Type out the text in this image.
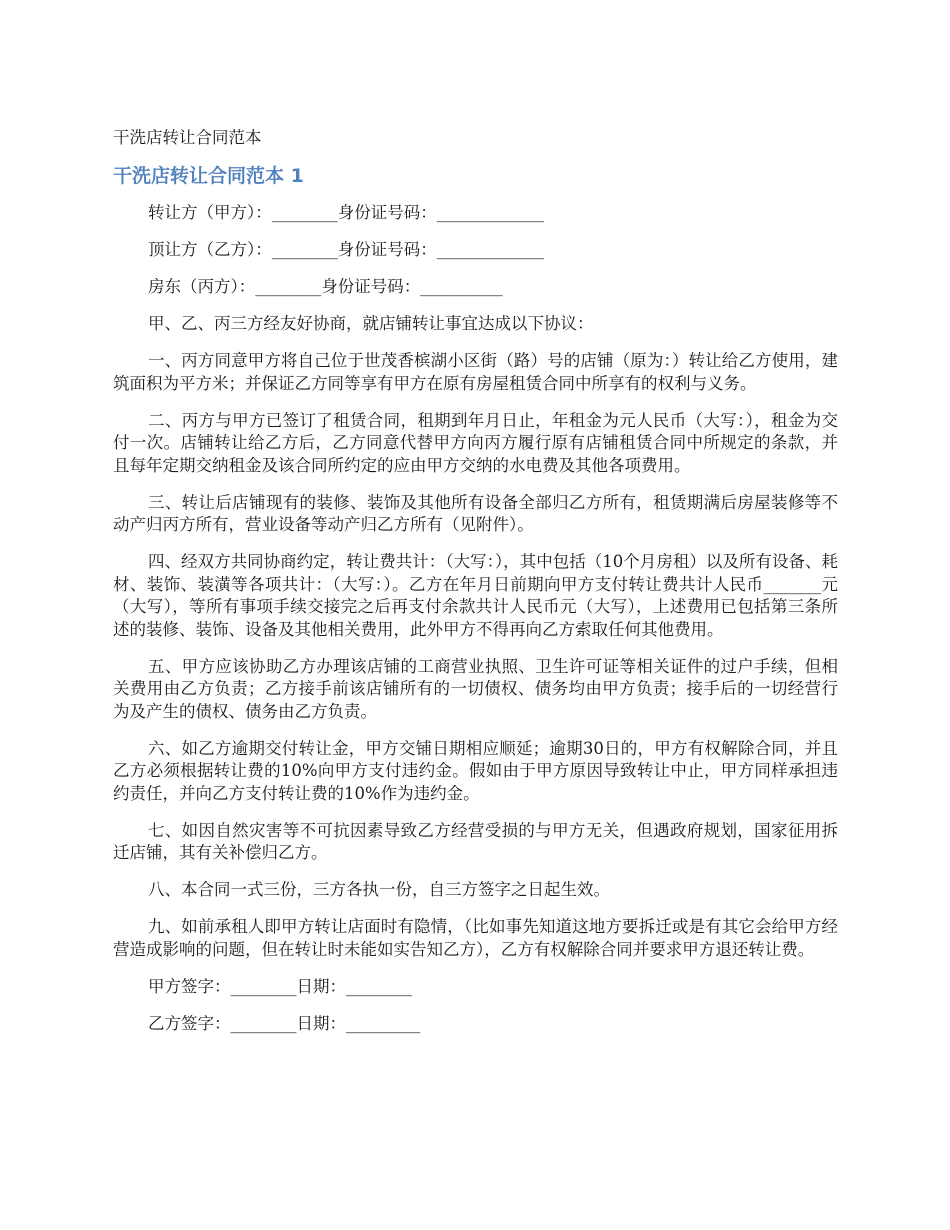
干洗店转让合同范本

干洗店转让合同范本 1

转让方（甲方）：________身份证号码：_____________

顶让方（乙方）：________身份证号码：_____________

房东（丙方）：________身份证号码：__________

甲、乙、丙三方经友好协商，就店铺转让事宜达成以下协议：

一、丙方同意甲方将自己位于世茂香槟湖小区街（路）号的店铺（原为：）转让给乙方使用，建筑面积为平方米；并保证乙方同等享有甲方在原有房屋租赁合同中所享有的权利与义务。

二、丙方与甲方已签订了租赁合同，租期到年月日止，年租金为元人民币（大写：），租金为交付一次。店铺转让给乙方后，乙方同意代替甲方向丙方履行原有店铺租赁合同中所规定的条款，并且每年定期交纳租金及该合同所约定的应由甲方交纳的水电费及其他各项费用。

三、转让后店铺现有的装修、装饰及其他所有设备全部归乙方所有，租赁期满后房屋装修等不动产归丙方所有，营业设备等动产归乙方所有（见附件）。

四、经双方共同协商约定，转让费共计：（大写：），其中包括（10个月房租）以及所有设备、耗材、装饰、装潢等各项共计：（大写：）。乙方在年月日前期向甲方支付转让费共计人民币_______元（大写），等所有事项手续交接完之后再支付余款共计人民币元（大写），上述费用已包括第三条所述的装修、装饰、设备及其他相关费用，此外甲方不得再向乙方索取任何其他费用。

五、甲方应该协助乙方办理该店铺的工商营业执照、卫生许可证等相关证件的过户手续，但相关费用由乙方负责；乙方接手前该店铺所有的一切债权、债务均由甲方负责；接手后的一切经营行为及产生的债权、债务由乙方负责。

六、如乙方逾期交付转让金，甲方交铺日期相应顺延；逾期30日的，甲方有权解除合同，并且乙方必须根据转让费的10%向甲方支付违约金。假如由于甲方原因导致转让中止，甲方同样承担违约责任，并向乙方支付转让费的10%作为违约金。

七、如因自然灾害等不可抗因素导致乙方经营受损的与甲方无关，但遇政府规划，国家征用拆迁店铺，其有关补偿归乙方。

八、本合同一式三份，三方各执一份，自三方签字之日起生效。

九、如前承租人即甲方转让店面时有隐情，（比如事先知道这地方要拆迁或是有其它会给甲方经营造成影响的问题，但在转让时未能如实告知乙方），乙方有权解除合同并要求甲方退还转让费。

甲方签字：________日期：________

乙方签字：________日期：_________
